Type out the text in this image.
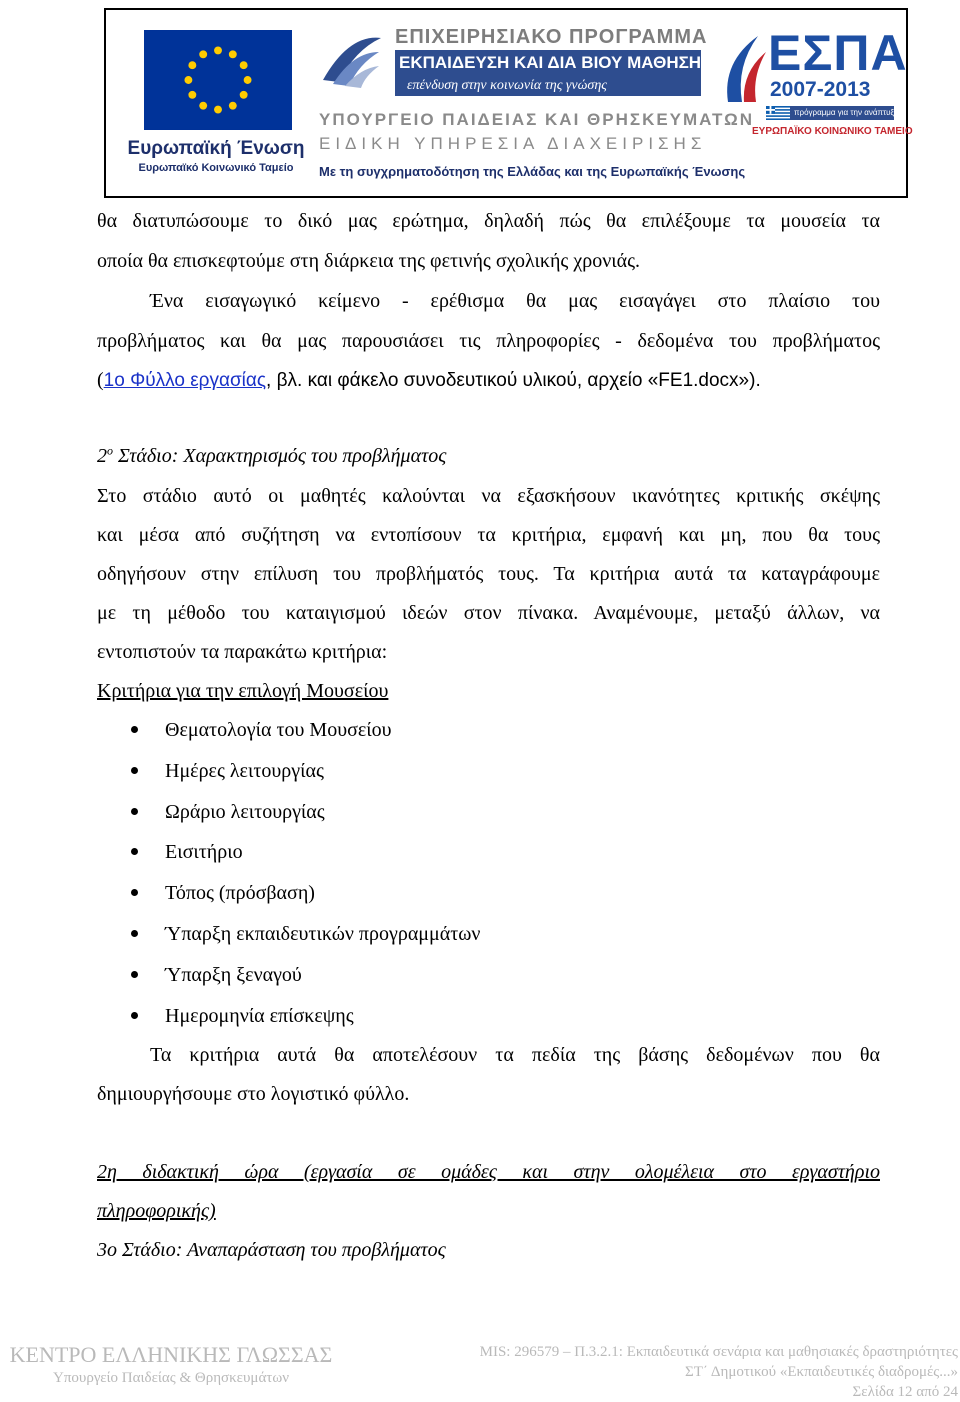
Ευρωπαϊκή Ένωση
Ευρωπαϊκό Κοινωνικό Ταμείο
ΕΠΙΧΕΙΡΗΣΙΑΚΟ ΠΡΟΓΡΑΜΜΑ
ΕΚΠΑΙΔΕΥΣΗ ΚΑΙ ΔΙΑ ΒΙΟΥ ΜΑΘΗΣΗ
επένδυση στην κοινωνία της γνώσης
ΥΠΟΥΡΓΕΙΟ ΠΑΙΔΕΙΑΣ ΚΑΙ ΘΡΗΣΚΕΥΜΑΤΩΝ
ΕΙΔΙΚΗ ΥΠΗΡΕΣΙΑ ΔΙΑΧΕΙΡΙΣΗΣ
Με τη συγχρηματοδότηση της Ελλάδας και της Ευρωπαϊκής Ένωσης
ΕΣΠΑ
2007-2013
πρόγραμμα για την ανάπτυξη
ΕΥΡΩΠΑΪΚΟ ΚΟΙΝΩΝΙΚΟ ΤΑΜΕΙΟ
θα διατυπώσουμε το δικό μας ερώτημα, δηλαδή πώς θα επιλέξουμε τα μουσεία τα
οποία θα επισκεφτούμε στη διάρκεια της φετινής σχολικής χρονιάς.
Ένα εισαγωγικό κείμενο - ερέθισμα θα μας εισαγάγει στο πλαίσιο του
προβλήματος και θα μας παρουσιάσει τις πληροφορίες - δεδομένα του προβλήματος
(1ο Φύλλο εργασίας, βλ. και φάκελο συνοδευτικού υλικού, αρχείο «FE1.docx»).
$2^o$ Στάδιο: Χαρακτηρισμός του προβλήματος
Στο στάδιο αυτό οι μαθητές καλούνται να εξασκήσουν ικανότητες κριτικής σκέψης
και μέσα από συζήτηση να εντοπίσουν τα κριτήρια, εμφανή και μη, που θα τους
οδηγήσουν στην επίλυση του προβλήματός τους. Τα κριτήρια αυτά τα καταγράφουμε
με τη μέθοδο του καταιγισμού ιδεών στον πίνακα. Αναμένουμε, μεταξύ άλλων, να
εντοπιστούν τα παρακάτω κριτήρια:
Κριτήρια για την επιλογή Μουσείου
Θεματολογία του Μουσείου
Ημέρες λειτουργίας
Ωράριο λειτουργίας
Εισιτήριο
Τόπος (πρόσβαση)
Ύπαρξη εκπαιδευτικών προγραμμάτων
Ύπαρξη ξεναγού
Ημερομηνία επίσκεψης
Τα κριτήρια αυτά θα αποτελέσουν τα πεδία της βάσης δεδομένων που θα
δημιουργήσουμε στο λογιστικό φύλλο.
2η διδακτική ώρα (εργασία σε ομάδες και στην ολομέλεια στο εργαστήριο
πληροφορικής)
3ο Στάδιο: Αναπαράσταση του προβλήματος
ΚΕΝΤΡΟ ΕΛΛΗΝΙΚΗΣ ΓΛΩΣΣΑΣ
Υπουργείο Παιδείας & Θρησκευμάτων
MIS: 296579 – Π.3.2.1: Εκπαιδευτικά σενάρια και μαθησιακές δραστηριότητες
ΣΤ΄ Δημοτικού «Εκπαιδευτικές διαδρομές...»
Σελίδα 12 από 24
